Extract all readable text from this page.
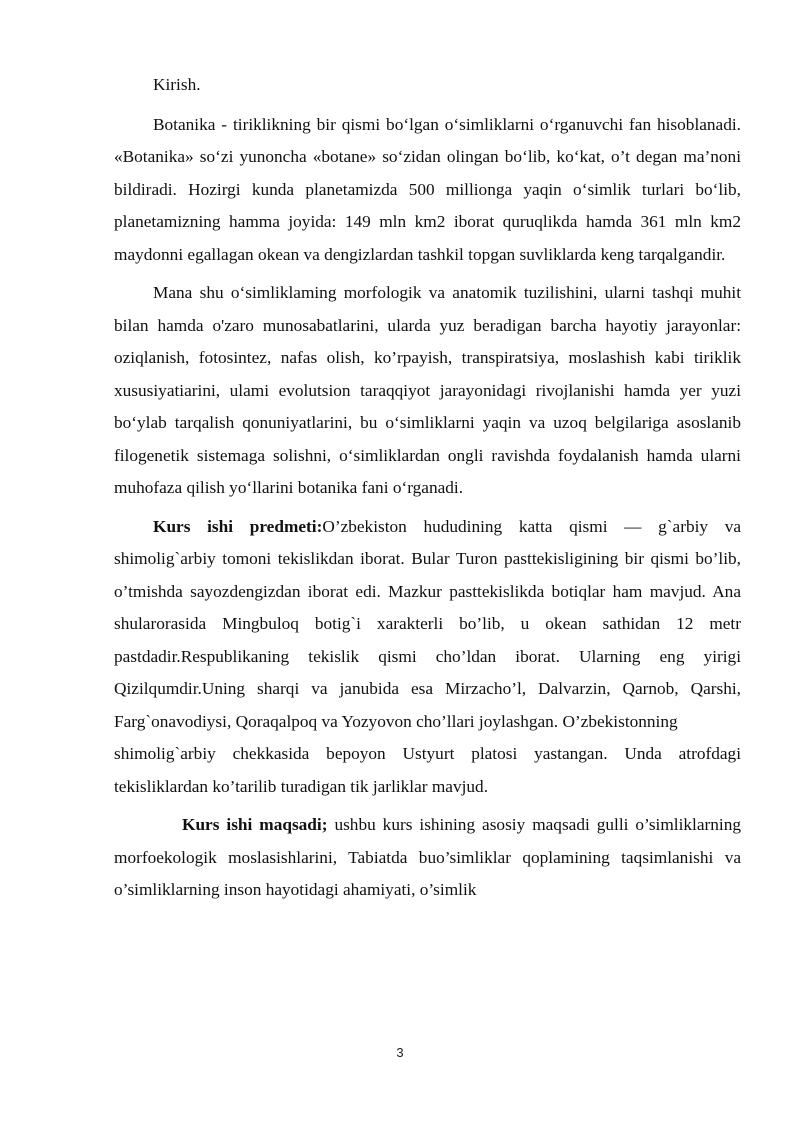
Kirish.

Botanika - tiriklikning bir qismi bo‘lgan o‘simliklarni o‘rganuvchi fan hisoblanadi. «Botanika» so‘zi yunoncha «botane» so‘zidan olingan bo‘lib, ko‘kat, o’t degan ma’noni bildiradi. Hozirgi kunda planetamizda 500 millionga yaqin o‘simlik turlari bo‘lib, planetamizning hamma joyida: 149 mln km2 iborat quruqlikda hamda 361 mln km2 maydonni egallagan okean va dengizlardan tashkil topgan suvliklarda keng tarqalgandir.

Mana shu o‘simliklaming morfologik va anatomik tuzilishini, ularni tashqi muhit bilan hamda o'zaro munosabatlarini, ularda yuz beradigan barcha hayotiy jarayonlar: oziqlanish, fotosintez, nafas olish, ko’rpayish, transpiratsiya, moslashish kabi tiriklik xususiyatiarini, ulami evolutsion taraqqiyot jarayonidagi rivojlanishi hamda yer yuzi bo‘ylab tarqalish qonuniyatlarini, bu o‘simliklarni yaqin va uzoq belgilariga asoslanib filogenetik sistemaga solishni, o‘simliklardan ongli ravishda foydalanish hamda ularni muhofaza qilish yo‘llarini botanika fani o‘rganadi.

Kurs ishi predmeti:O’zbekiston hududining katta qismi — g`arbiy va shimolig`arbiy tomoni tekislikdan iborat. Bular Turon pasttekisligining bir qismi bo’lib, o’tmishda sayozdengizdan iborat edi. Mazkur pasttekislikda botiqlar ham mavjud. Ana shularorasida Mingbuloq botig`i xarakterli bo’lib, u okean sathidan 12 metr pastdadir.Respublikaning tekislik qismi cho’ldan iborat. Ularning eng yirigi Qizilqumdir.Uning sharqi va janubida esa Mirzacho’l, Dalvarzin, Qarnob, Qarshi, Farg`onavodiysi, Qoraqalpoq va Yozyovon cho’llari joylashgan. O’zbekistonning

shimolig`arbiy chekkasida bepoyon Ustyurt platosi yastangan. Unda atrofdagi tekisliklardan ko’tarilib turadigan tik jarliklar mavjud.

Kurs ishi maqsadi; ushbu kurs ishining asosiy maqsadi gulli o’simliklarning morfoekologik moslasishlarini, Tabiatda buo’simliklar qoplamining taqsimlanishi va o’simliklarning inson hayotidagi ahamiyati, o’simlik

3
